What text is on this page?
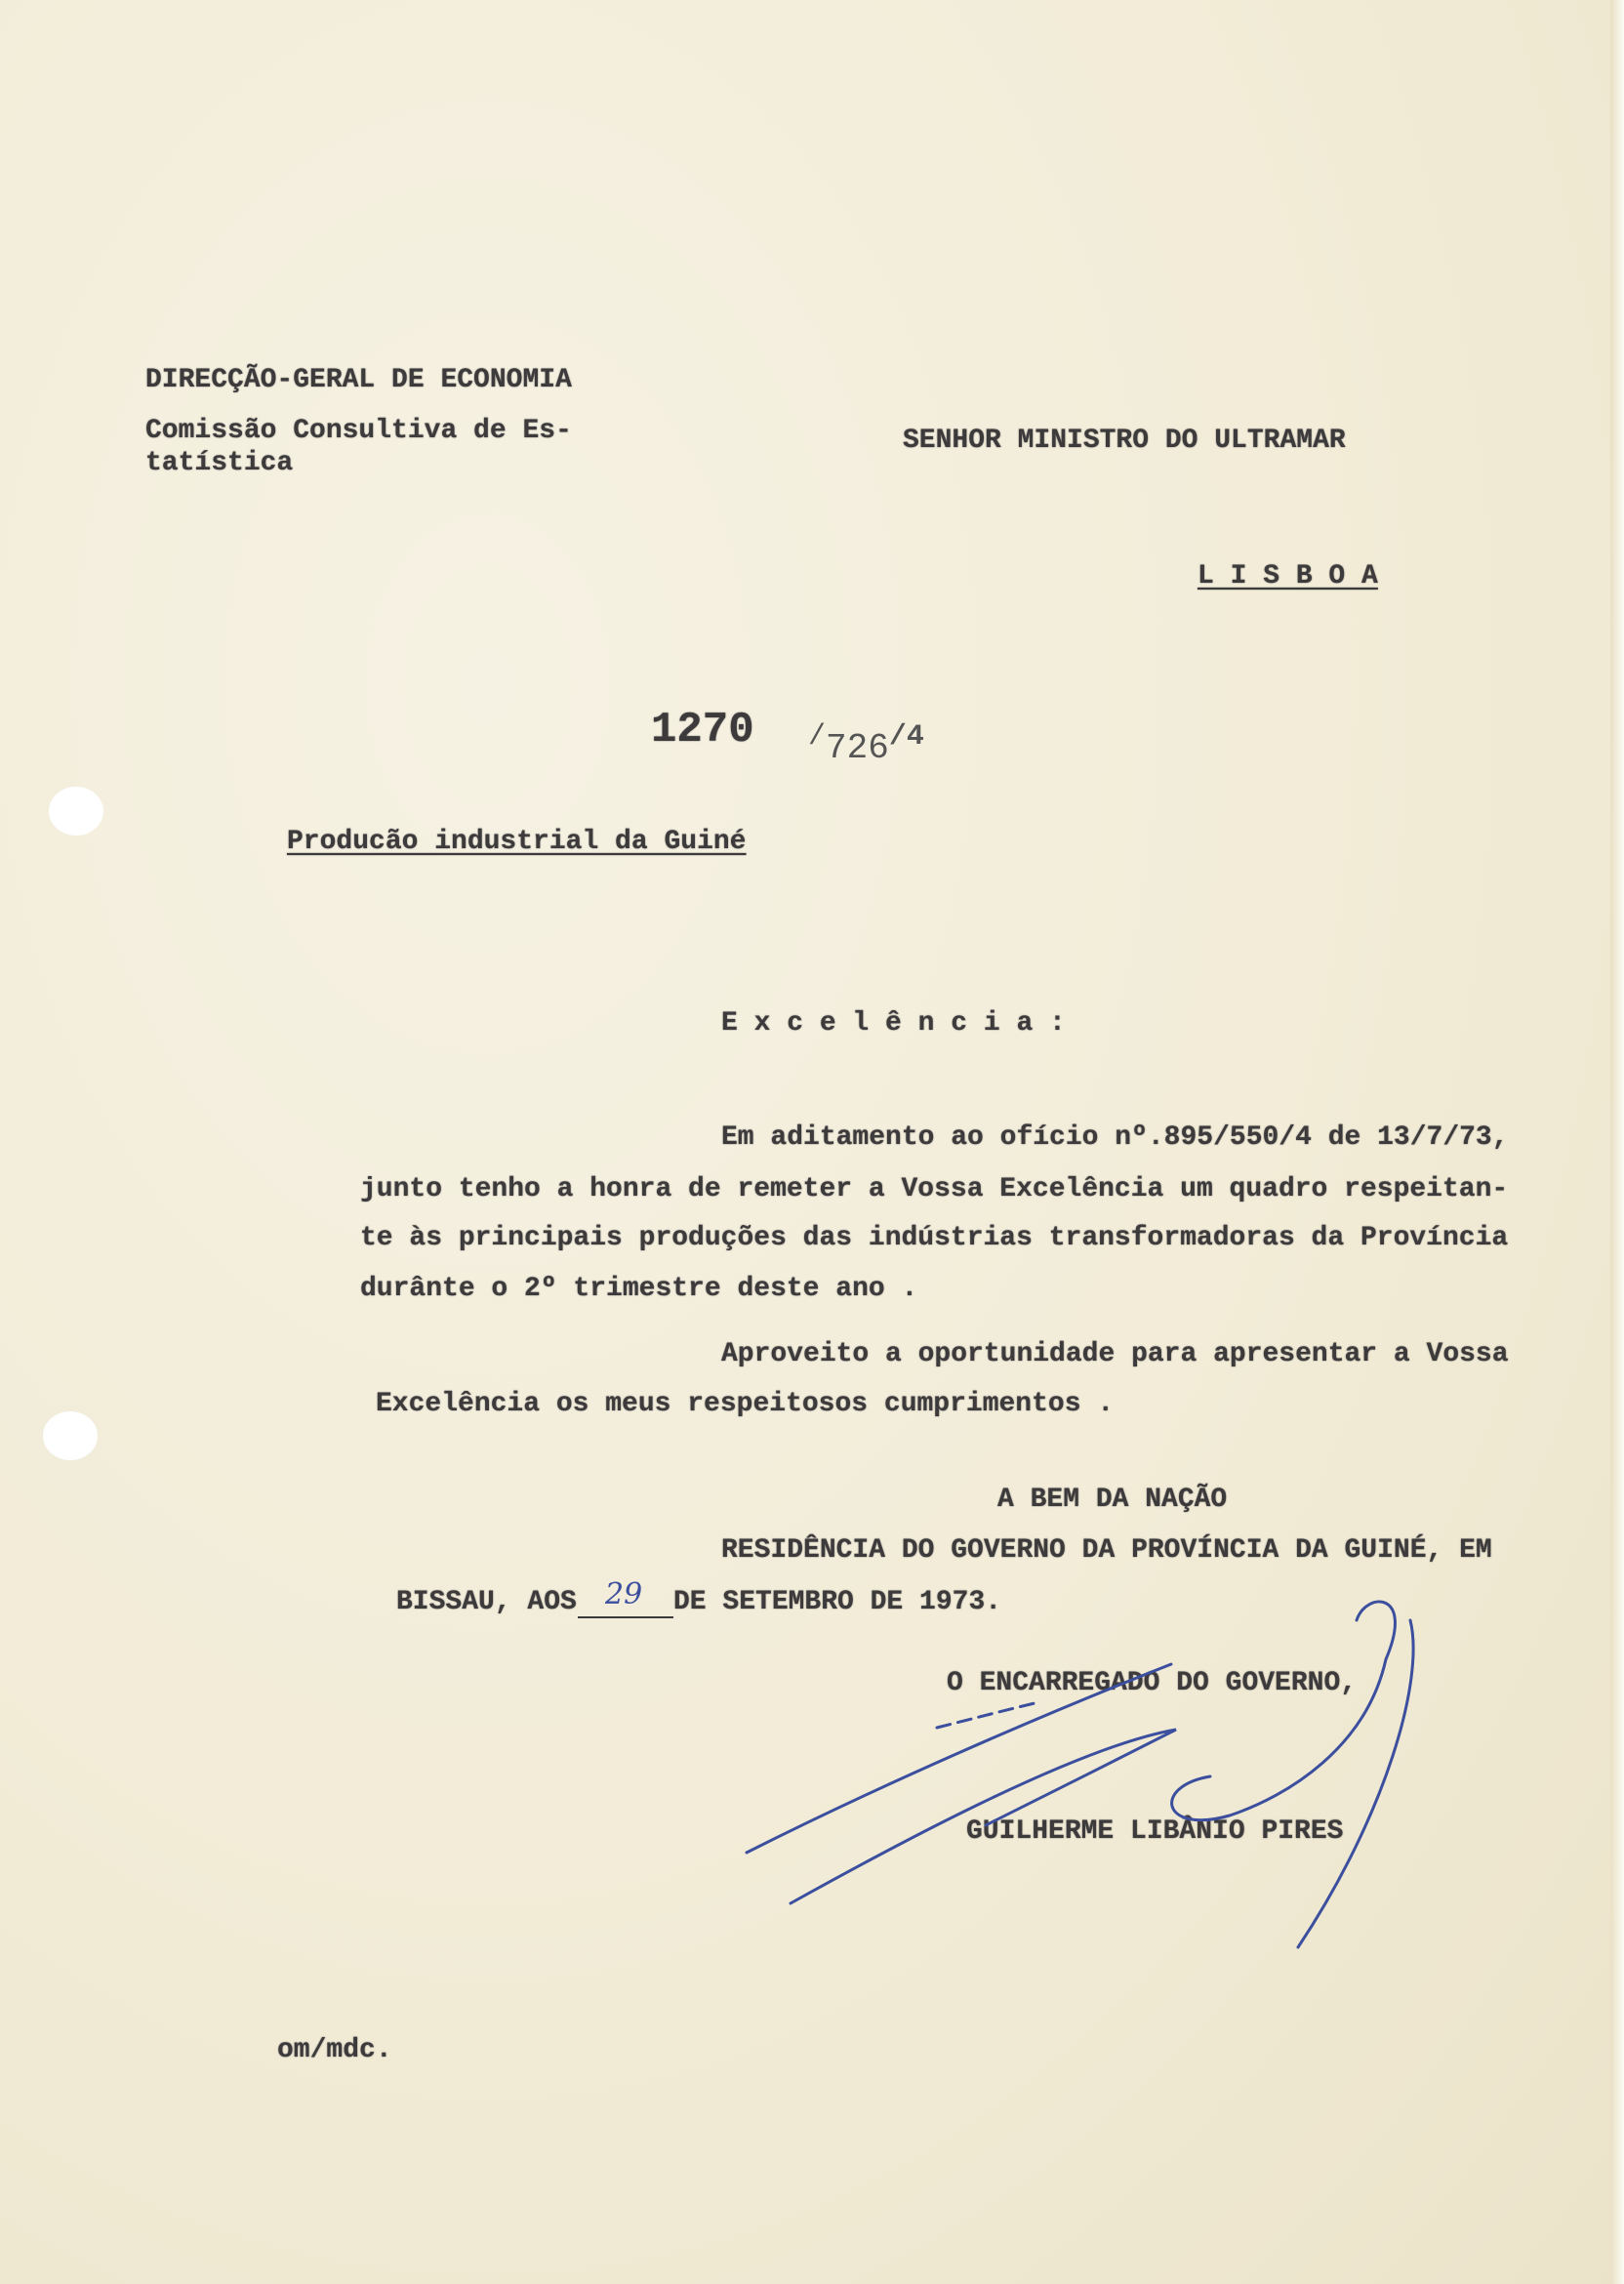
DIRECÇÃO-GERAL DE ECONOMIA
Comissão Consultiva de Es-
tatística
SENHOR MINISTRO DO ULTRAMAR
L I S B O A
1270 /726/4
Producão industrial da Guiné
E x c e l ê n c i a :
Em aditamento ao ofício nº.895/550/4 de 13/7/73,
junto tenho a honra de remeter a Vossa Excelência um quadro respeitan-
te às principais produções das indústrias transformadoras da Província
durânte o 2º trimestre deste ano .
Aproveito a oportunidade para apresentar a Vossa
Excelência os meus respeitosos cumprimentos .
A BEM DA NAÇÃO
RESIDÊNCIA DO GOVERNO DA PROVÍNCIA DA GUINÉ, EM
BISSAU, AOS 29 DE SETEMBRO DE 1973.
O ENCARREGADO DO GOVERNO,
GUILHERME LIBÂNIO PIRES
om/mdc.
